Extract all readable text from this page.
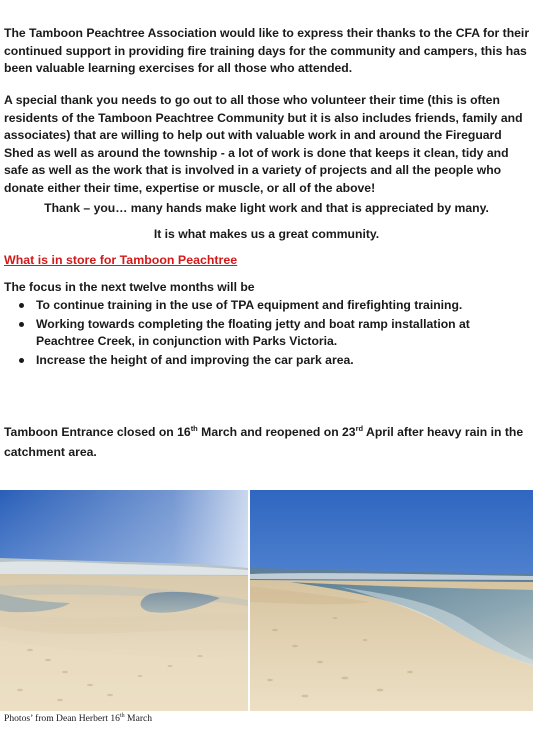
The Tamboon Peachtree Association would like to express their thanks to the CFA for their continued support in providing fire training days for the community and campers, this has been valuable learning exercises for all those who attended.

A special thank you needs to go out to all those who volunteer their time (this is often residents of the Tamboon Peachtree Community but it is also includes friends, family and associates) that are willing to help out with valuable work in and around the Fireguard Shed as well as around the township - a lot of work is done that keeps it clean, tidy and safe as well as the work that is involved in a variety of projects and all the people who donate either their time, expertise or muscle, or all of the above!

Thank – you… many hands make light work and that is appreciated by many.

It is what makes us a great community.

What is in store for Tamboon Peachtree

The focus in the next twelve months will be

To continue training in the use of TPA equipment and firefighting training.
Working towards completing the floating jetty and boat ramp installation at Peachtree Creek, in conjunction with Parks Victoria.
Increase the height of and improving the car park area.

Tamboon Entrance closed on 16th March and reopened on 23rd April after heavy rain in the catchment area.

Photos’ from Dean Herbert 16th March
